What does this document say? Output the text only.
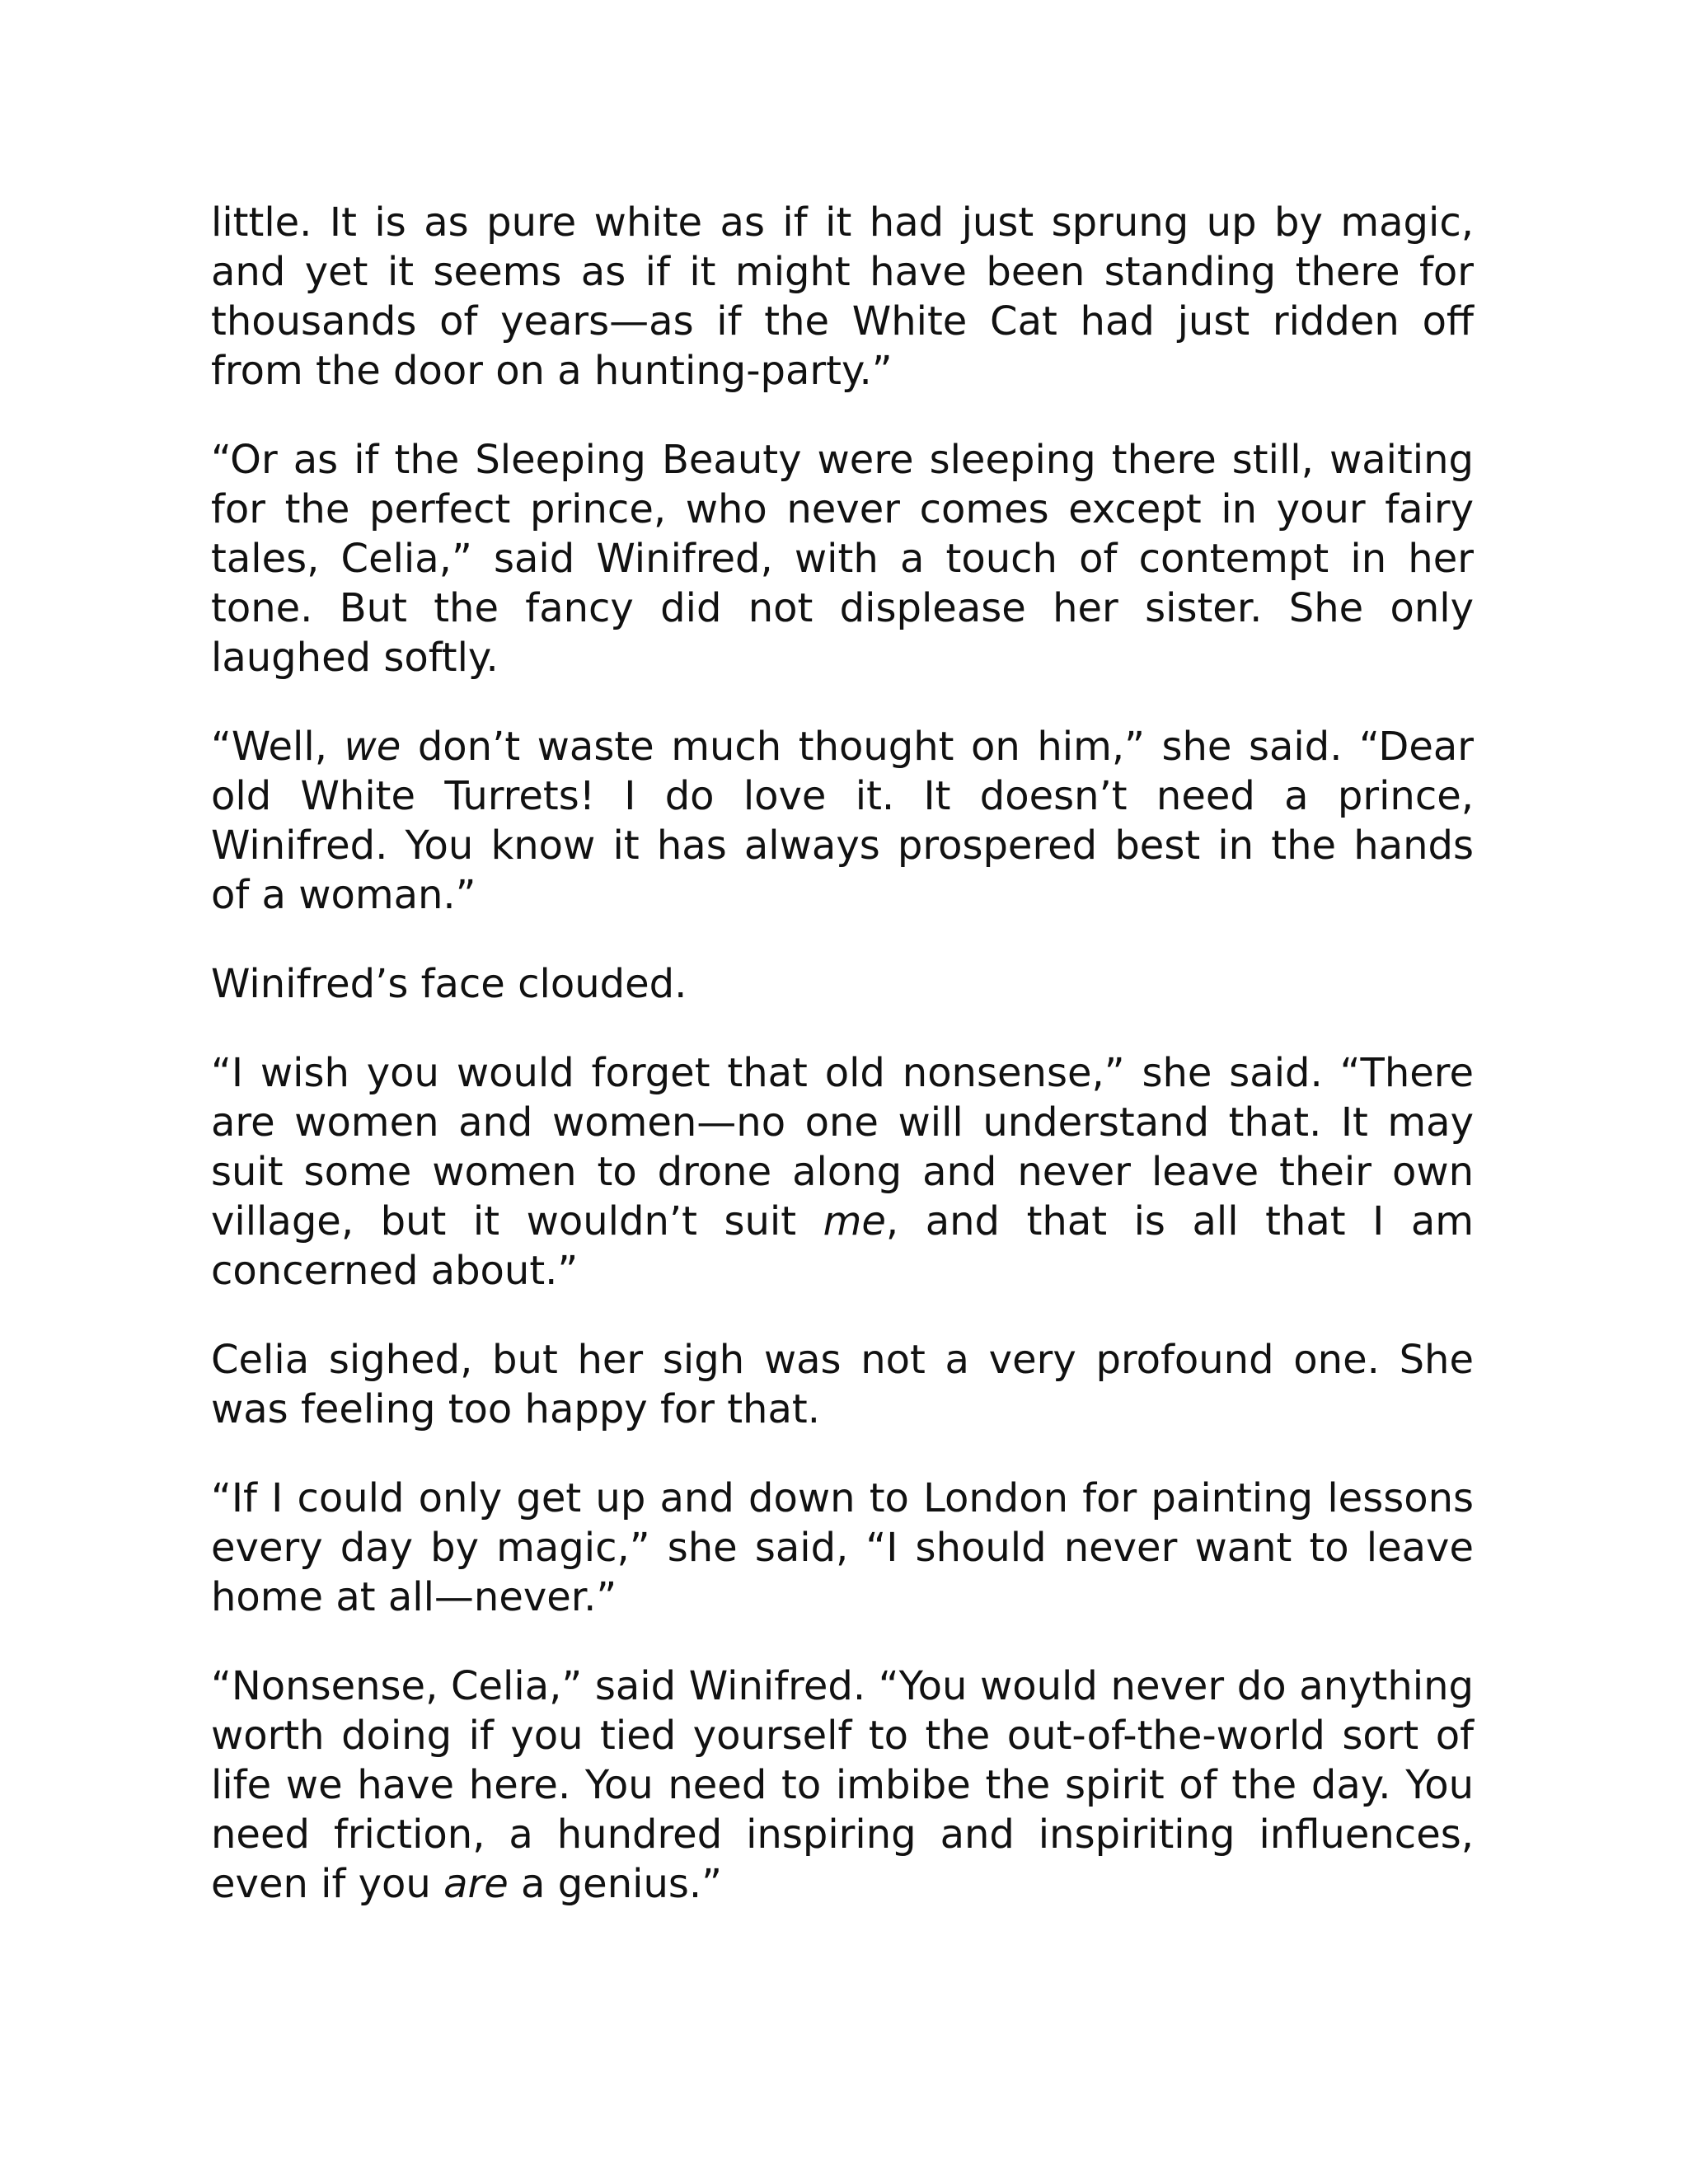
little. It is as pure white as if it had just sprung up by magic, and yet it seems as if it might have been standing there for thousands of years—as if the White Cat had just ridden off from the door on a hunting-party.”

“Or as if the Sleeping Beauty were sleeping there still, waiting for the perfect prince, who never comes except in your fairy tales, Celia,” said Winifred, with a touch of contempt in her tone. But the fancy did not displease her sister. She only laughed softly.

“Well, we don’t waste much thought on him,” she said. “Dear old White Turrets! I do love it. It doesn’t need a prince, Winifred. You know it has always prospered best in the hands of a woman.”

Winifred’s face clouded.

“I wish you would forget that old nonsense,” she said. “There are women and women—no one will understand that. It may suit some women to drone along and never leave their own village, but it wouldn’t suit me, and that is all that I am concerned about.”

Celia sighed, but her sigh was not a very profound one. She was feeling too happy for that.

“If I could only get up and down to London for painting lessons every day by magic,” she said, “I should never want to leave home at all—never.”

“Nonsense, Celia,” said Winifred. “You would never do anything worth doing if you tied yourself to the out-of-the-world sort of life we have here. You need to imbibe the spirit of the day. You need friction, a hundred inspiring and inspiriting influences, even if you are a genius.”
